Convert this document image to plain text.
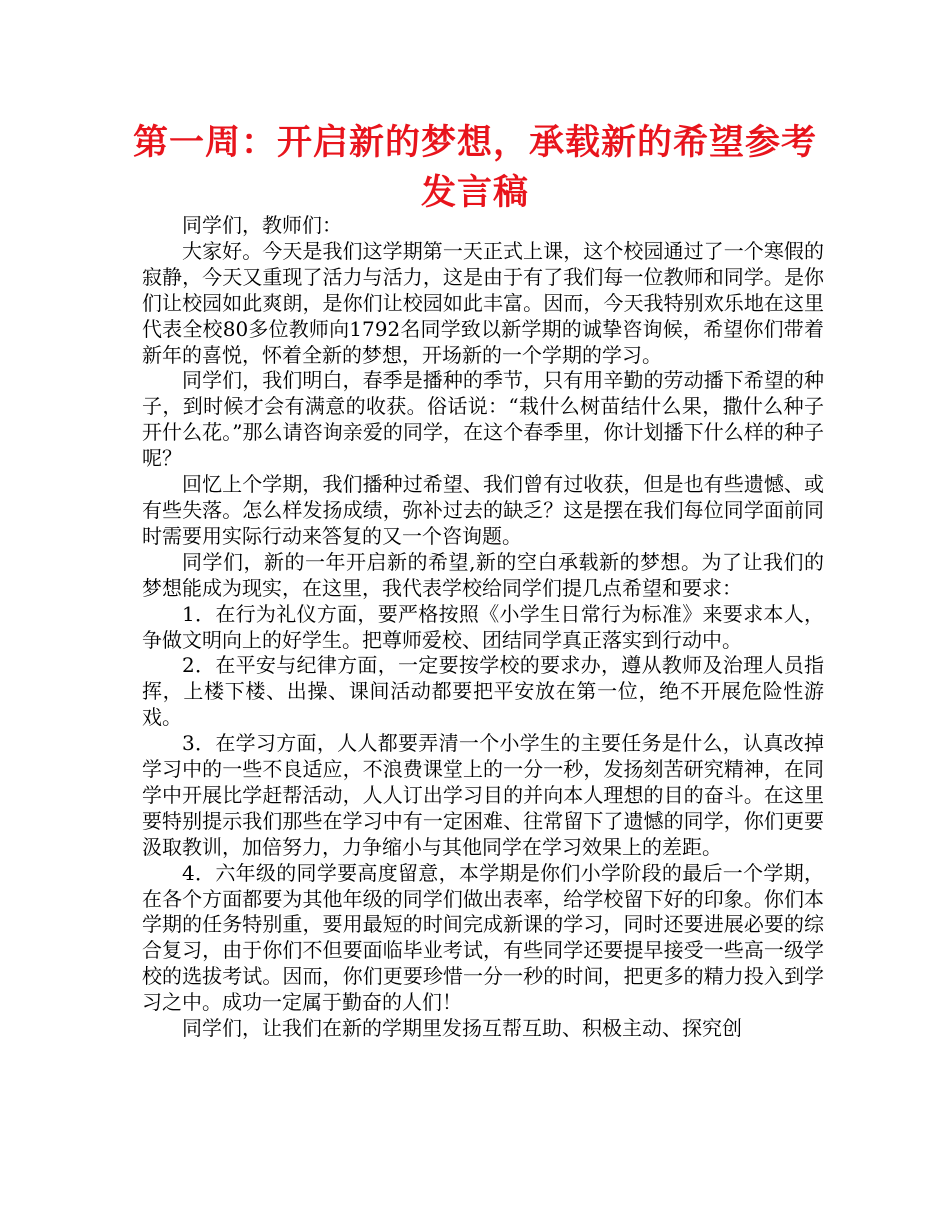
第一周：开启新的梦想，承载新的希望参考发言稿

同学们，教师们：

大家好。今天是我们这学期第一天正式上课，这个校园通过了一个寒假的寂静，今天又重现了活力与活力，这是由于有了我们每一位教师和同学。是你们让校园如此爽朗，是你们让校园如此丰富。因而，今天我特别欢乐地在这里代表全校80多位教师向1792名同学致以新学期的诚挚咨询候，希望你们带着新年的喜悦，怀着全新的梦想，开场新的一个学期的学习。

同学们，我们明白，春季是播种的季节，只有用辛勤的劳动播下希望的种子，到时候才会有满意的收获。俗话说：“栽什么树苗结什么果，撒什么种子开什么花。”那么请咨询亲爱的同学，在这个春季里，你计划播下什么样的种子呢？

回忆上个学期，我们播种过希望、我们曾有过收获，但是也有些遗憾、或有些失落。怎么样发扬成绩，弥补过去的缺乏？这是摆在我们每位同学面前同时需要用实际行动来答复的又一个咨询题。

同学们，新的一年开启新的希望,新的空白承载新的梦想。为了让我们的梦想能成为现实，在这里，我代表学校给同学们提几点希望和要求：

1．在行为礼仪方面，要严格按照《小学生日常行为标准》来要求本人，争做文明向上的好学生。把尊师爱校、团结同学真正落实到行动中。

2．在平安与纪律方面，一定要按学校的要求办，遵从教师及治理人员指挥，上楼下楼、出操、课间活动都要把平安放在第一位，绝不开展危险性游戏。

3．在学习方面，人人都要弄清一个小学生的主要任务是什么，认真改掉学习中的一些不良适应，不浪费课堂上的一分一秒，发扬刻苦研究精神，在同学中开展比学赶帮活动，人人订出学习目的并向本人理想的目的奋斗。在这里要特别提示我们那些在学习中有一定困难、往常留下了遗憾的同学，你们更要汲取教训，加倍努力，力争缩小与其他同学在学习效果上的差距。

4．六年级的同学要高度留意，本学期是你们小学阶段的最后一个学期，在各个方面都要为其他年级的同学们做出表率，给学校留下好的印象。你们本学期的任务特别重，要用最短的时间完成新课的学习，同时还要进展必要的综合复习，由于你们不但要面临毕业考试，有些同学还要提早接受一些高一级学校的选拔考试。因而，你们更要珍惜一分一秒的时间，把更多的精力投入到学习之中。成功一定属于勤奋的人们！

同学们，让我们在新的学期里发扬互帮互助、积极主动、探究创
